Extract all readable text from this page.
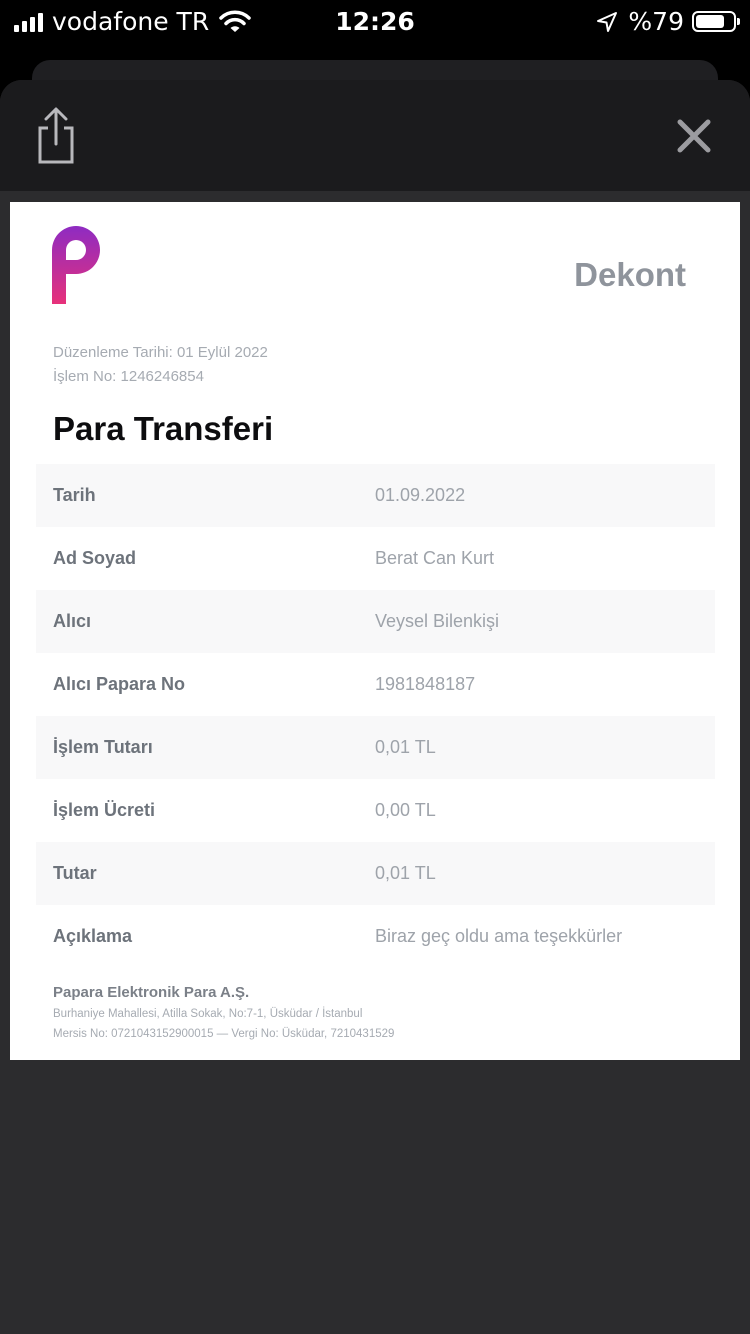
vodafone TR	12:26	%79
Dekont
Düzenleme Tarihi: 01 Eylül 2022
İşlem No: 1246246854
Para Transferi
Tarih	01.09.2022
Ad Soyad	Berat Can Kurt
Alıcı	Veysel Bilenkişi
Alıcı Papara No	1981848187
İşlem Tutarı	0,01 TL
İşlem Ücreti	0,00 TL
Tutar	0,01 TL
Açıklama	Biraz geç oldu ama teşekkürler
Papara Elektronik Para A.Ş.
Burhaniye Mahallesi, Atilla Sokak, No:7-1, Üsküdar / İstanbul
Mersis No: 0721043152900015 — Vergi No: Üsküdar, 7210431529
